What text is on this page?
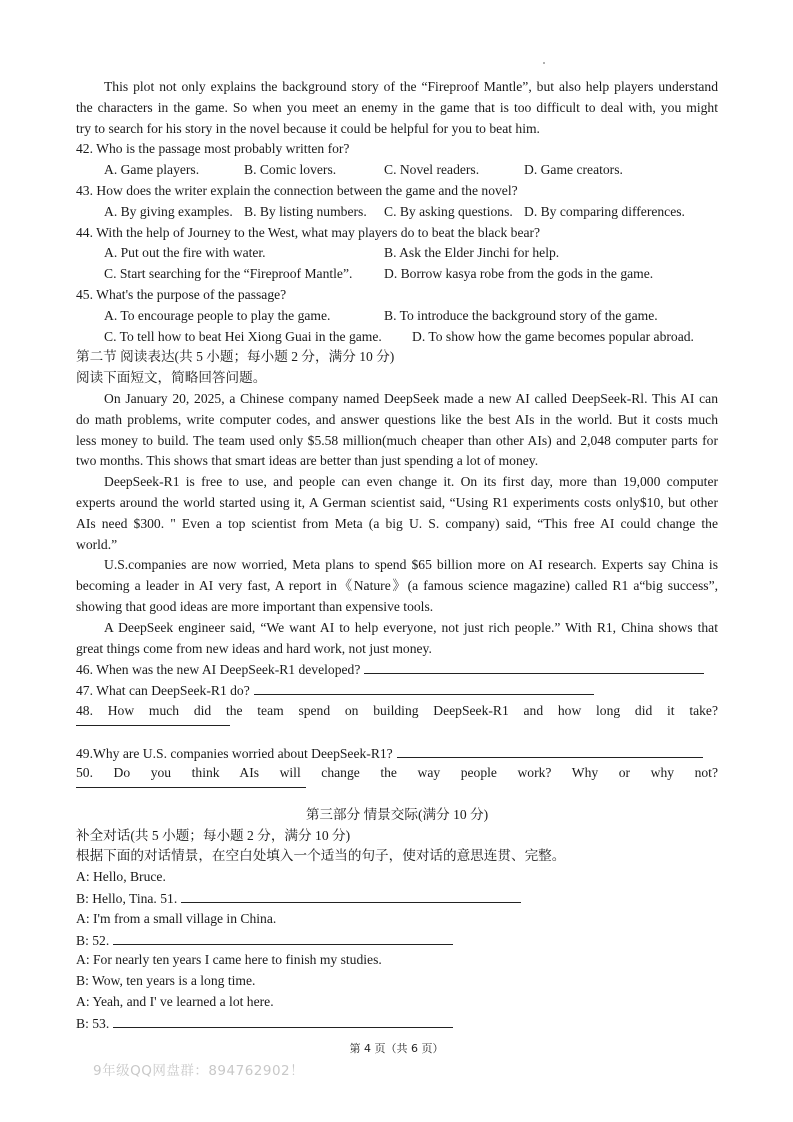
This plot not only explains the background story of the “Fireproof Mantle”, but also help players understand
the characters in the game. So when you meet an enemy in the game that is too difficult to deal with, you might
try to search for his story in the novel because it could be helpful for you to beat him.
42. Who is the passage most probably written for?
A. Game players.	B. Comic lovers.	C. Novel readers.	D. Game creators.
43. How does the writer explain the connection between the game and the novel?
A. By giving examples. B. By listing numbers. C. By asking questions. D. By comparing differences.
44. With the help of Journey to the West, what may players do to beat the black bear?
A. Put out the fire with water.	B. Ask the Elder Jinchi for help.
C. Start searching for the “Fireproof Mantle”. D. Borrow kasya robe from the gods in the game.
45. What's the purpose of the passage?
A. To encourage people to play the game.	B. To introduce the background story of the game.
C. To tell how to beat Hei Xiong Guai in the game. D. To show how the game becomes popular abroad.
第二节 阅读表达(共 5 小题；每小题 2 分，满分 10 分)
阅读下面短文，简略回答问题。
On January 20, 2025, a Chinese company named DeepSeek made a new AI called DeepSeek-Rl. This AI can
do math problems, write computer codes, and answer questions like the best AIs in the world. But it costs much
less money to build. The team used only $5.58 million(much cheaper than other AIs) and 2,048 computer parts for
two months. This shows that smart ideas are better than just spending a lot of money.
DeepSeek-R1 is free to use, and people can even change it. On its first day, more than 19,000 computer
experts around the world started using it, A German scientist said, “Using R1 experiments costs only$10, but other
AIs need $300. " Even a top scientist from Meta (a big U. S. company) said, “This free AI could change the
world.”
U.S.companies are now worried, Meta plans to spend $65 billion more on AI research. Experts say China is
becoming a leader in AI very fast, A report in《Nature》(a famous science magazine) called R1 a“big success”,
showing that good ideas are more important than expensive tools.
A DeepSeek engineer said, “We want AI to help everyone, not just rich people.” With R1, China shows that
great things come from new ideas and hard work, not just money.
46. When was the new AI DeepSeek-R1 developed?
47. What can DeepSeek-R1 do?
48.  How  much  did  the  team  spend  on  building  DeepSeek-R1  and  how  long  did  it  take?
49.Why are U.S. companies worried about DeepSeek-R1?
50.  Do  you  think  AIs  will  change  the  way  people  work?  Why  or  why  not?
第三部分 情景交际(满分 10 分)
补全对话(共 5 小题；每小题 2 分，满分 10 分)
根据下面的对话情景，在空白处填入一个适当的句子，使对话的意思连贯、完整。
A: Hello, Bruce.
B: Hello, Tina. 51.
A: I'm from a small village in China.
B: 52.
A: For nearly ten years I came here to finish my studies.
B: Wow, ten years is a long time.
A: Yeah, and I' ve learned a lot here.
B: 53.
第 4 页（共 6 页）
9年级QQ网盘群：894762902！
